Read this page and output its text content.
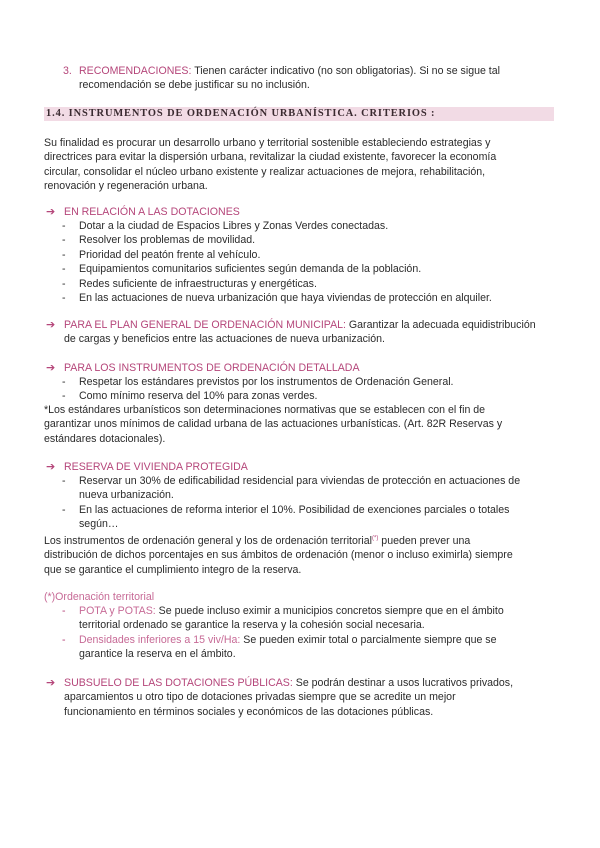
3. RECOMENDACIONES: Tienen carácter indicativo (no son obligatorias). Si no se sigue tal
recomendación se debe justificar su no inclusión.
1.4. INSTRUMENTOS DE ORDENACIÓN URBANÍSTICA. CRITERIOS :
Su finalidad es procurar un desarrollo urbano y territorial sostenible estableciendo estrategias y
directrices para evitar la dispersión urbana, revitalizar la ciudad existente, favorecer la economía
circular, consolidar el núcleo urbano existente y realizar actuaciones de mejora, rehabilitación,
renovación y regeneración urbana.
➔ EN RELACIÓN A LAS DOTACIONES
- Dotar a la ciudad de Espacios Libres y Zonas Verdes conectadas.
- Resolver los problemas de movilidad.
- Prioridad del peatón frente al vehículo.
- Equipamientos comunitarios suficientes según demanda de la población.
- Redes suficiente de infraestructuras y energéticas.
- En las actuaciones de nueva urbanización que haya viviendas de protección en alquiler.
➔ PARA EL PLAN GENERAL DE ORDENACIÓN MUNICIPAL: Garantizar la adecuada equidistribución
de cargas y beneficios entre las actuaciones de nueva urbanización.
➔ PARA LOS INSTRUMENTOS DE ORDENACIÓN DETALLADA
- Respetar los estándares previstos por los instrumentos de Ordenación General.
- Como mínimo reserva del 10% para zonas verdes.
*Los estándares urbanísticos son determinaciones normativas que se establecen con el fin de
garantizar unos mínimos de calidad urbana de las actuaciones urbanísticas. (Art. 82R Reservas y
estándares dotacionales).
➔ RESERVA DE VIVIENDA PROTEGIDA
- Reservar un 30% de edificabilidad residencial para viviendas de protección en actuaciones de
nueva urbanización.
- En las actuaciones de reforma interior el 10%. Posibilidad de exenciones parciales o totales
según…
Los instrumentos de ordenación general y los de ordenación territorial(*) pueden prever una
distribución de dichos porcentajes en sus ámbitos de ordenación (menor o incluso eximirla) siempre
que se garantice el cumplimiento integro de la reserva.
(*)Ordenación territorial
- POTA y POTAS: Se puede incluso eximir a municipios concretos siempre que en el ámbito
territorial ordenado se garantice la reserva y la cohesión social necesaria.
- Densidades inferiores a 15 viv/Ha: Se pueden eximir total o parcialmente siempre que se
garantice la reserva en el ámbito.
➔ SUBSUELO DE LAS DOTACIONES PÚBLICAS: Se podrán destinar a usos lucrativos privados,
aparcamientos u otro tipo de dotaciones privadas siempre que se acredite un mejor
funcionamiento en términos sociales y económicos de las dotaciones públicas.
